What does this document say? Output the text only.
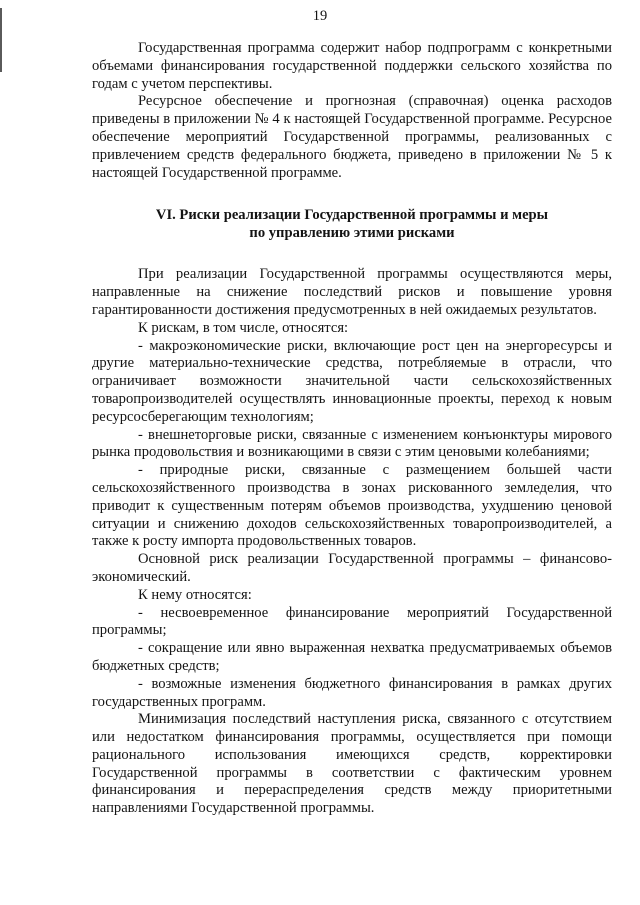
19

Государственная программа содержит набор подпрограмм с конкретными объемами финансирования государственной поддержки сельского хозяйства по годам с учетом перспективы.

Ресурсное обеспечение и прогнозная (справочная) оценка расходов приведены в приложении № 4 к настоящей Государственной программе. Ресурсное обеспечение мероприятий Государственной программы, реализованных с привлечением средств федерального бюджета, приведено в приложении № 5 к настоящей Государственной программе.

VI. Риски реализации Государственной программы и меры
по управлению этими рисками

При реализации Государственной программы осуществляются меры, направленные на снижение последствий рисков и повышение уровня гарантированности достижения предусмотренных в ней ожидаемых результатов.

К рискам, в том числе, относятся:

- макроэкономические риски, включающие рост цен на энергоресурсы и другие материально-технические средства, потребляемые в отрасли, что ограничивает возможности значительной части сельскохозяйственных товаропроизводителей осуществлять инновационные проекты, переход к новым ресурсосберегающим технологиям;

- внешнеторговые риски, связанные с изменением конъюнктуры мирового рынка продовольствия и возникающими в связи с этим ценовыми колебаниями;

- природные риски, связанные с размещением большей части сельскохозяйственного производства в зонах рискованного земледелия, что приводит к существенным потерям объемов производства, ухудшению ценовой ситуации и снижению доходов сельскохозяйственных товаропроизводителей, а также к росту импорта продовольственных товаров.

Основной риск реализации Государственной программы – финансово-экономический.

К нему относятся:

- несвоевременное финансирование мероприятий Государственной программы;

- сокращение или явно выраженная нехватка предусматриваемых объемов бюджетных средств;

- возможные изменения бюджетного финансирования в рамках других государственных программ.

Минимизация последствий наступления риска, связанного с отсутствием или недостатком финансирования программы, осуществляется при помощи рационального использования имеющихся средств, корректировки Государственной программы в соответствии с фактическим уровнем финансирования и перераспределения средств между приоритетными направлениями Государственной программы.
